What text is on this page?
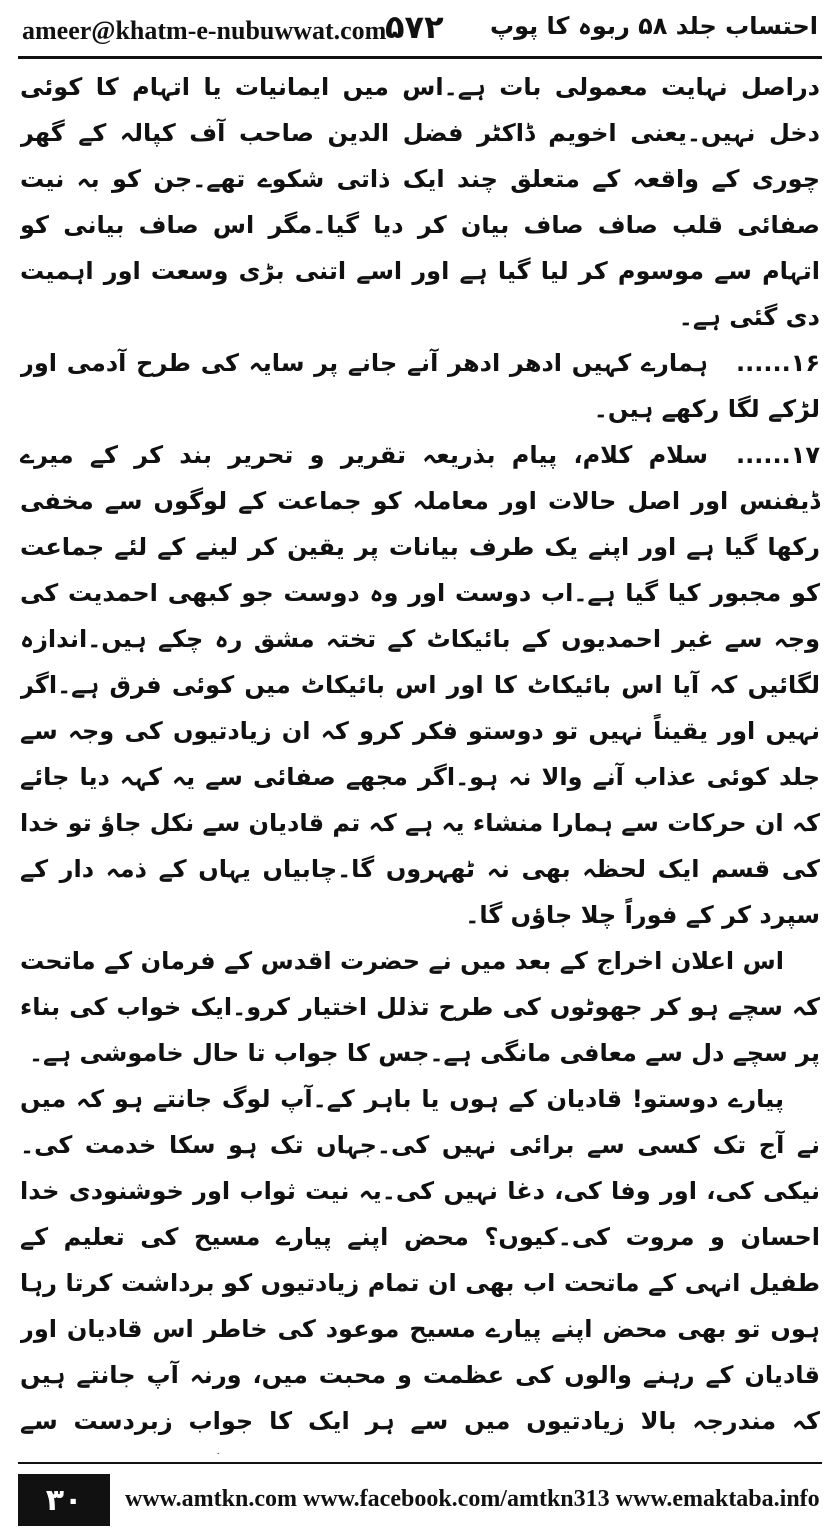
ameer@khatm-e-nubuwwat.com
۵۷۲ احتساب جلد ۵۸ ربوہ کا پوپ

دراصل نہایت معمولی بات ہے۔اس میں ایمانیات یا اتہام کا کوئی دخل نہیں۔یعنی اخویم ڈاکٹر فضل الدین صاحب آف کپالہ کے گھر چوری کے واقعہ کے متعلق چند ایک ذاتی شکوے تھے۔جن کو بہ نیت صفائی قلب صاف صاف بیان کر دیا گیا۔مگر اس صاف بیانی کو اتہام سے موسوم کر لیا گیا ہے اور اسے اتنی بڑی وسعت اور اہمیت دی گئی ہے۔

۱۶......ہمارے کہیں ادھر ادھر آنے جانے پر سایہ کی طرح آدمی اور لڑکے لگا رکھے ہیں۔

۱۷......سلام کلام، پیام بذریعہ تقریر و تحریر بند کر کے میرے ڈیفنس اور اصل حالات اور معاملہ کو جماعت کے لوگوں سے مخفی رکھا گیا ہے اور اپنے یک طرف بیانات پر یقین کر لینے کے لئے جماعت کو مجبور کیا گیا ہے۔اب دوست اور وہ دوست جو کبھی احمدیت کی وجہ سے غیر احمدیوں کے بائیکاٹ کے تختہ مشق رہ چکے ہیں۔اندازہ لگائیں کہ آیا اس بائیکاٹ کا اور اس بائیکاٹ میں کوئی فرق ہے۔اگر نہیں اور یقیناً نہیں تو دوستو فکر کرو کہ ان زیادتیوں کی وجہ سے جلد کوئی عذاب آنے والا نہ ہو۔اگر مجھے صفائی سے یہ کہہ دیا جائے کہ ان حرکات سے ہمارا منشاء یہ ہے کہ تم قادیان سے نکل جاؤ تو خدا کی قسم ایک لحظہ بھی نہ ٹھہروں گا۔چابیاں یہاں کے ذمہ دار کے سپرد کر کے فوراً چلا جاؤں گا۔

اس اعلان اخراج کے بعد میں نے حضرت اقدس کے فرمان کے ماتحت کہ سچے ہو کر جھوٹوں کی طرح تذلل اختیار کرو۔ایک خواب کی بناء پر سچے دل سے معافی مانگی ہے۔جس کا جواب تا حال خاموشی ہے۔

پیارے دوستو! قادیان کے ہوں یا باہر کے۔آپ لوگ جانتے ہو کہ میں نے آج تک کسی سے برائی نہیں کی۔جہاں تک ہو سکا خدمت کی۔نیکی کی، اور وفا کی، دغا نہیں کی۔یہ نیت ثواب اور خوشنودی خدا احسان و مروت کی۔کیوں؟ محض اپنے پیارے مسیح کی تعلیم کے طفیل انہی کے ماتحت اب بھی ان تمام زیادتیوں کو برداشت کرتا رہا ہوں تو بھی محض اپنے پیارے مسیح موعود کی خاطر اس قادیان اور قادیان کے رہنے والوں کی عظمت و محبت میں، ورنہ آپ جانتے ہیں کہ مندرجہ بالا زیادتیوں میں سے ہر ایک کا جواب زبردست سے

۳۰	www.amtkn.com www.facebook.com/amtkn313 www.emaktaba.info
